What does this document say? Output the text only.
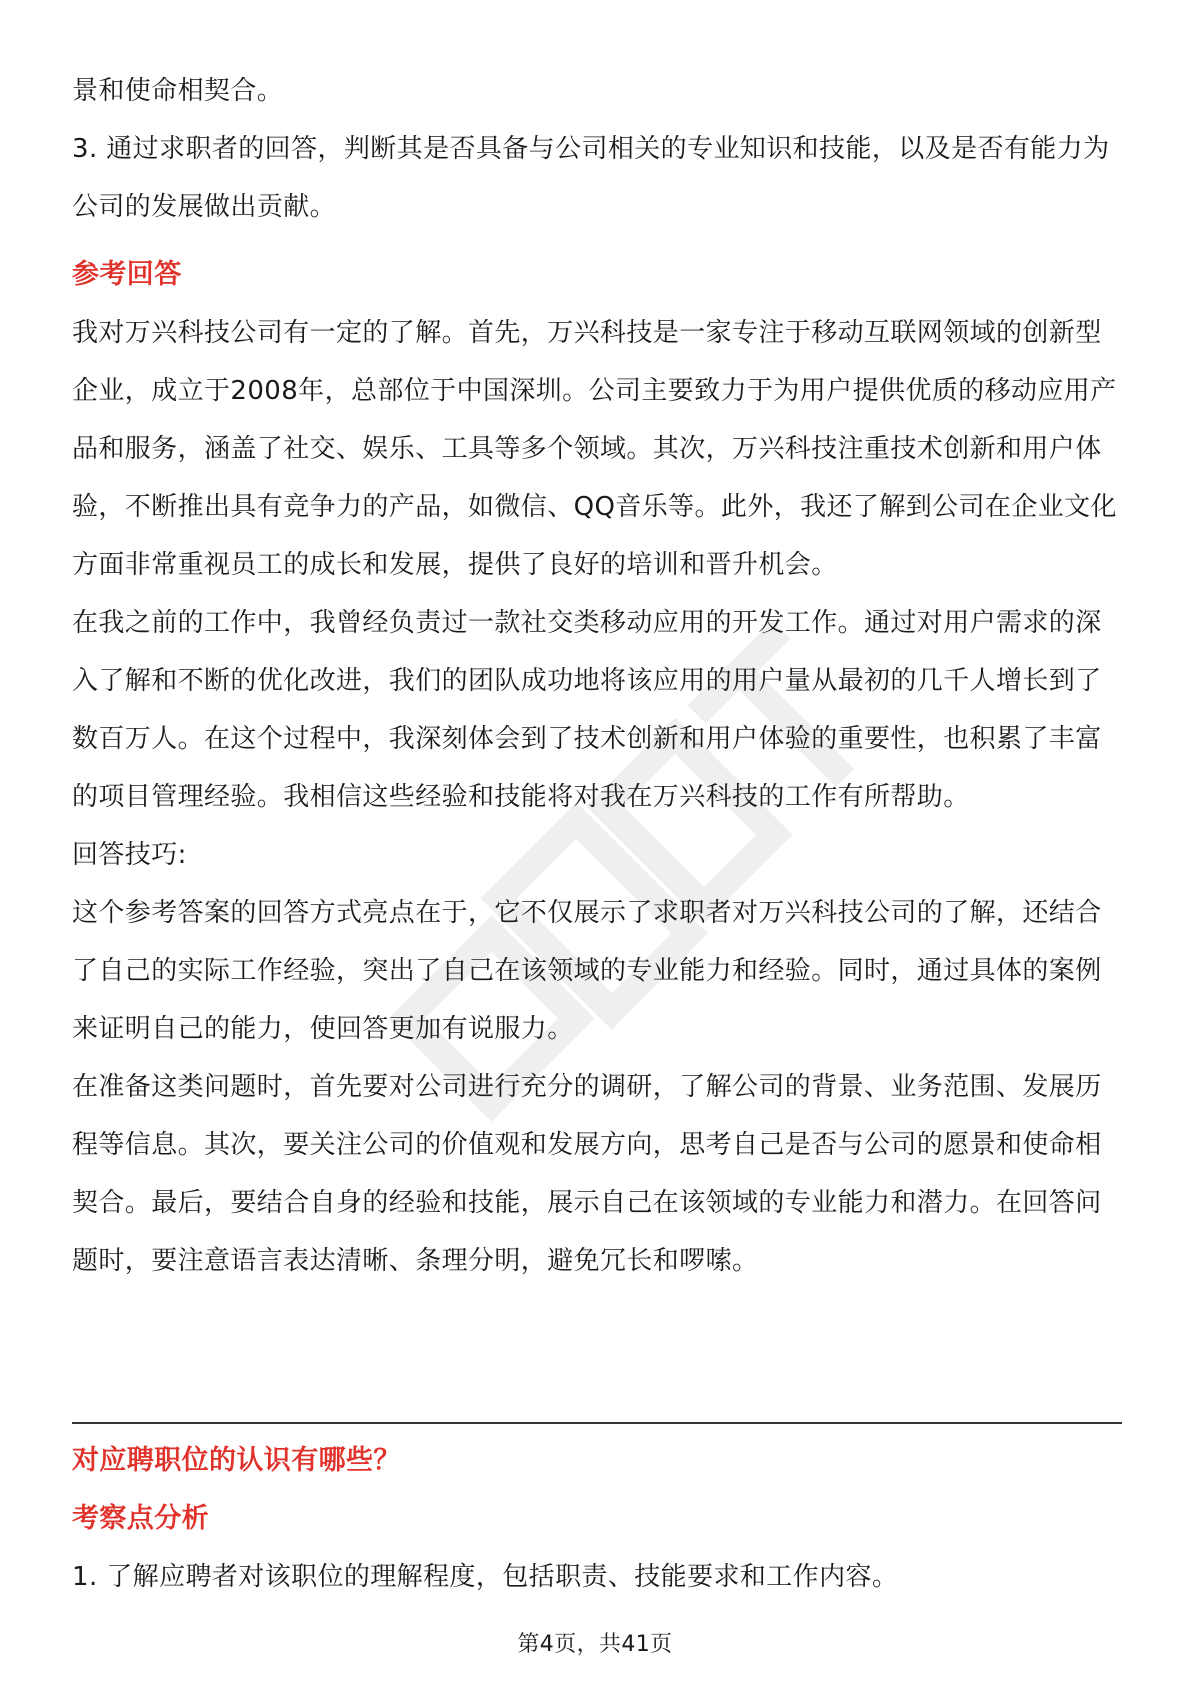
景和使命相契合。

3. 通过求职者的回答，判断其是否具备与公司相关的专业知识和技能，以及是否有能力为公司的发展做出贡献。

参考回答

我对万兴科技公司有一定的了解。首先，万兴科技是一家专注于移动互联网领域的创新型企业，成立于2008年，总部位于中国深圳。公司主要致力于为用户提供优质的移动应用产品和服务，涵盖了社交、娱乐、工具等多个领域。其次，万兴科技注重技术创新和用户体验，不断推出具有竞争力的产品，如微信、QQ音乐等。此外，我还了解到公司在企业文化方面非常重视员工的成长和发展，提供了良好的培训和晋升机会。

在我之前的工作中，我曾经负责过一款社交类移动应用的开发工作。通过对用户需求的深入了解和不断的优化改进，我们的团队成功地将该应用的用户量从最初的几千人增长到了数百万人。在这个过程中，我深刻体会到了技术创新和用户体验的重要性，也积累了丰富的项目管理经验。我相信这些经验和技能将对我在万兴科技的工作有所帮助。

回答技巧:

这个参考答案的回答方式亮点在于，它不仅展示了求职者对万兴科技公司的了解，还结合了自己的实际工作经验，突出了自己在该领域的专业能力和经验。同时，通过具体的案例来证明自己的能力，使回答更加有说服力。

在准备这类问题时，首先要对公司进行充分的调研，了解公司的背景、业务范围、发展历程等信息。其次，要关注公司的价值观和发展方向，思考自己是否与公司的愿景和使命相契合。最后，要结合自身的经验和技能，展示自己在该领域的专业能力和潜力。在回答问题时，要注意语言表达清晰、条理分明，避免冗长和啰嗦。

对应聘职位的认识有哪些？

考察点分析

1. 了解应聘者对该职位的理解程度，包括职责、技能要求和工作内容。

第4页，共41页
